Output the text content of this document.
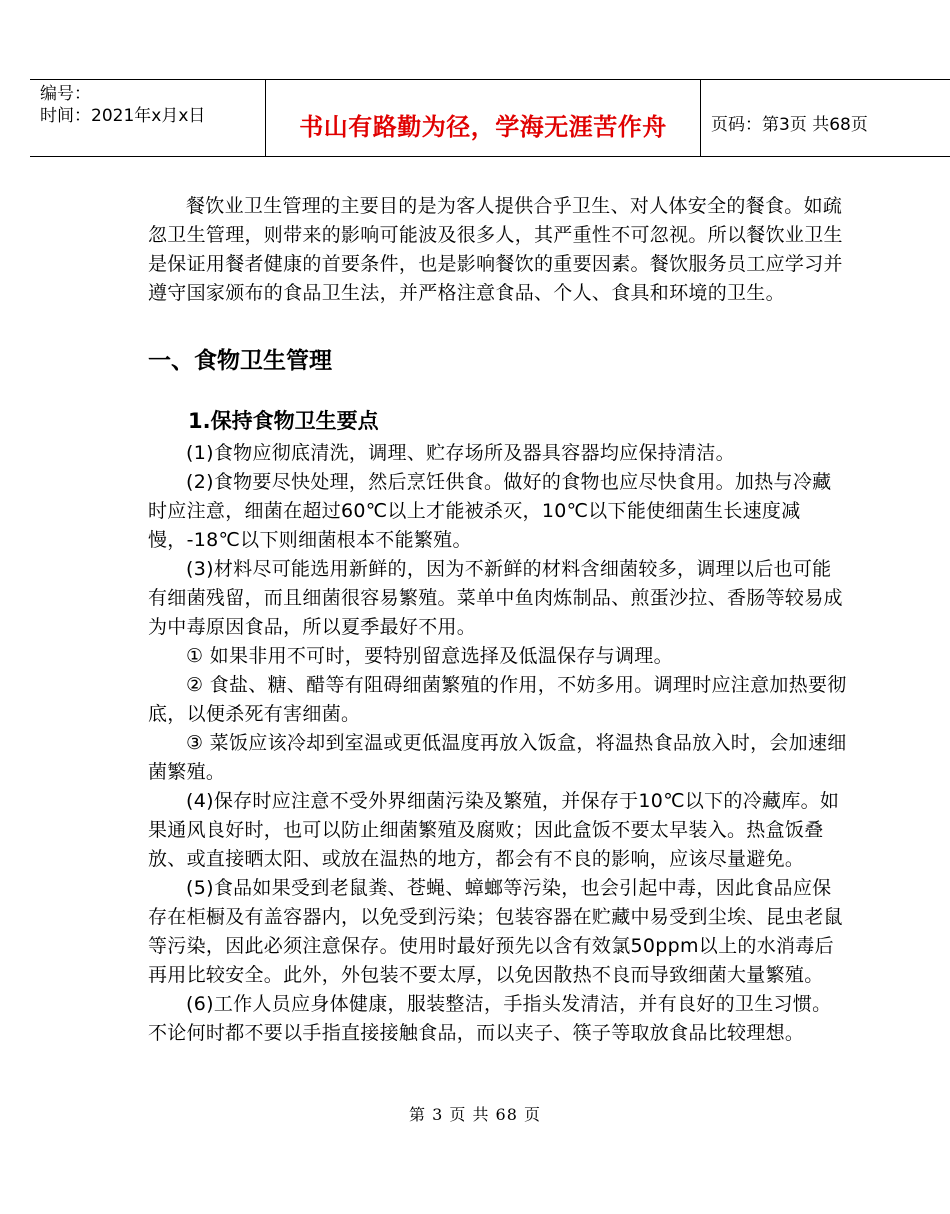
编号：
时间：2021年x月x日	书山有路勤为径，学海无涯苦作舟	页码：第3页 共68页

餐饮业卫生管理的主要目的是为客人提供合乎卫生、对人体安全的餐食。如疏忽卫生管理，则带来的影响可能波及很多人，其严重性不可忽视。所以餐饮业卫生是保证用餐者健康的首要条件，也是影响餐饮的重要因素。餐饮服务员工应学习并遵守国家颁布的食品卫生法，并严格注意食品、个人、食具和环境的卫生。

一、食物卫生管理
1.保持食物卫生要点

(1)食物应彻底清洗，调理、贮存场所及器具容器均应保持清洁。

(2)食物要尽快处理，然后烹饪供食。做好的食物也应尽快食用。加热与冷藏时应注意，细菌在超过60℃以上才能被杀灭，10℃以下能使细菌生长速度减慢，-18℃以下则细菌根本不能繁殖。

(3)材料尽可能选用新鲜的，因为不新鲜的材料含细菌较多，调理以后也可能有细菌残留，而且细菌很容易繁殖。菜单中鱼肉炼制品、煎蛋沙拉、香肠等较易成为中毒原因食品，所以夏季最好不用。

① 如果非用不可时，要特别留意选择及低温保存与调理。

② 食盐、糖、醋等有阻碍细菌繁殖的作用，不妨多用。调理时应注意加热要彻底，以便杀死有害细菌。

③ 菜饭应该冷却到室温或更低温度再放入饭盒，将温热食品放入时，会加速细菌繁殖。

(4)保存时应注意不受外界细菌污染及繁殖，并保存于10℃以下的冷藏库。如果通风良好时，也可以防止细菌繁殖及腐败；因此盒饭不要太早装入。热盒饭叠放、或直接晒太阳、或放在温热的地方，都会有不良的影响，应该尽量避免。

(5)食品如果受到老鼠粪、苍蝇、蟑螂等污染，也会引起中毒，因此食品应保存在柜橱及有盖容器内，以免受到污染；包装容器在贮藏中易受到尘埃、昆虫老鼠等污染，因此必须注意保存。使用时最好预先以含有效氯50ppm以上的水消毒后再用比较安全。此外，外包装不要太厚，以免因散热不良而导致细菌大量繁殖。

(6)工作人员应身体健康，服装整洁，手指头发清洁，并有良好的卫生习惯。不论何时都不要以手指直接接触食品，而以夹子、筷子等取放食品比较理想。

第 3 页 共 68 页
